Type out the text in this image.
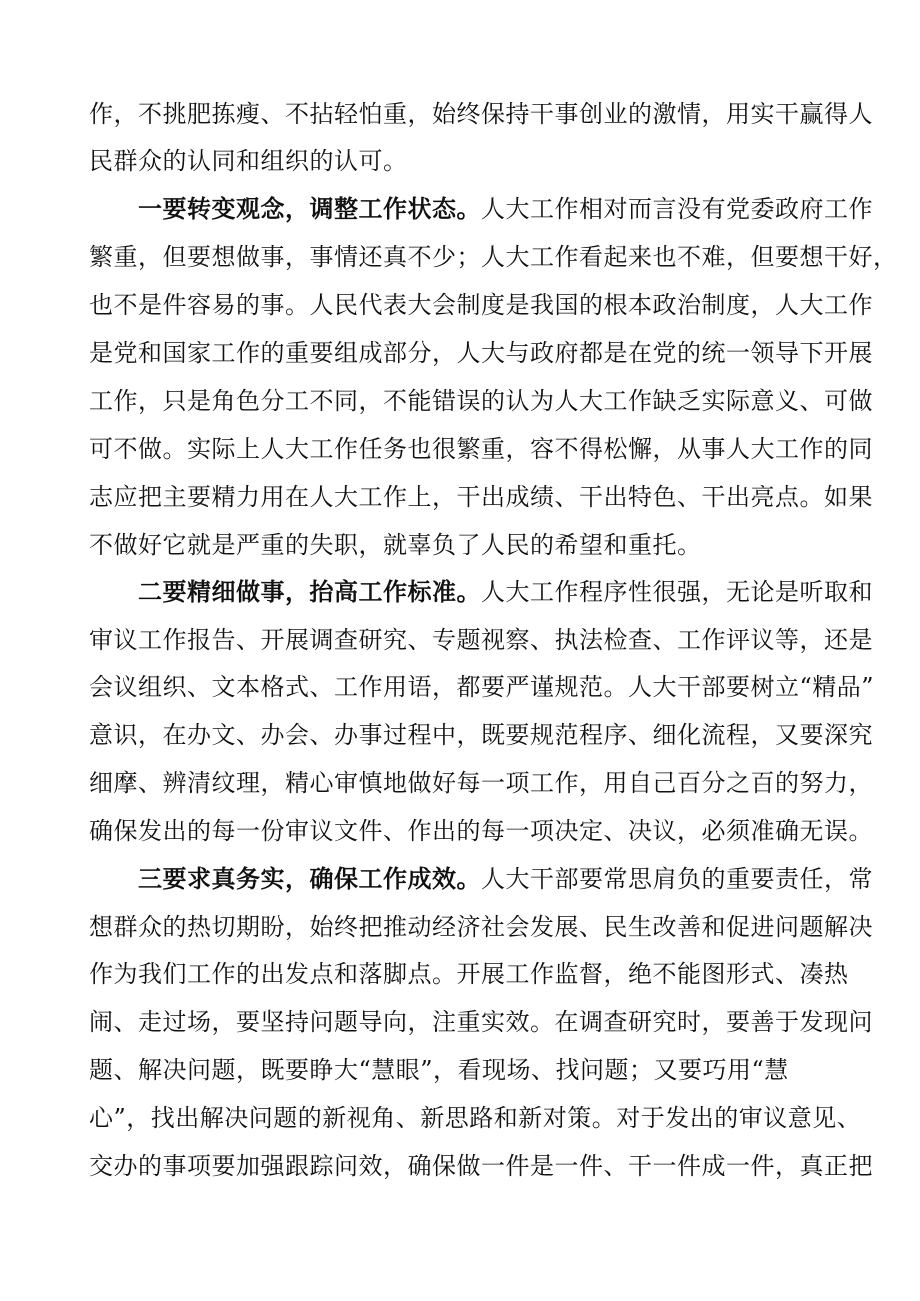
作，不挑肥拣瘦、不拈轻怕重，始终保持干事创业的激情，用实干赢得人
民群众的认同和组织的认可。
一要转变观念，调整工作状态。人大工作相对而言没有党委政府工作
繁重，但要想做事，事情还真不少；人大工作看起来也不难，但要想干好，
也不是件容易的事。人民代表大会制度是我国的根本政治制度，人大工作
是党和国家工作的重要组成部分，人大与政府都是在党的统一领导下开展
工作，只是角色分工不同，不能错误的认为人大工作缺乏实际意义、可做
可不做。实际上人大工作任务也很繁重，容不得松懈，从事人大工作的同
志应把主要精力用在人大工作上，干出成绩、干出特色、干出亮点。如果
不做好它就是严重的失职，就辜负了人民的希望和重托。
二要精细做事，抬高工作标准。人大工作程序性很强，无论是听取和
审议工作报告、开展调查研究、专题视察、执法检查、工作评议等，还是
会议组织、文本格式、工作用语，都要严谨规范。人大干部要树立“精品”
意识，在办文、办会、办事过程中，既要规范程序、细化流程，又要深究
细摩、辨清纹理，精心审慎地做好每一项工作，用自己百分之百的努力，
确保发出的每一份审议文件、作出的每一项决定、决议，必须准确无误。
三要求真务实，确保工作成效。人大干部要常思肩负的重要责任，常
想群众的热切期盼，始终把推动经济社会发展、民生改善和促进问题解决
作为我们工作的出发点和落脚点。开展工作监督，绝不能图形式、凑热
闹、走过场，要坚持问题导向，注重实效。在调查研究时，要善于发现问
题、解决问题，既要睁大“慧眼”，看现场、找问题；又要巧用“慧
心”，找出解决问题的新视角、新思路和新对策。对于发出的审议意见、
交办的事项要加强跟踪问效，确保做一件是一件、干一件成一件，真正把
